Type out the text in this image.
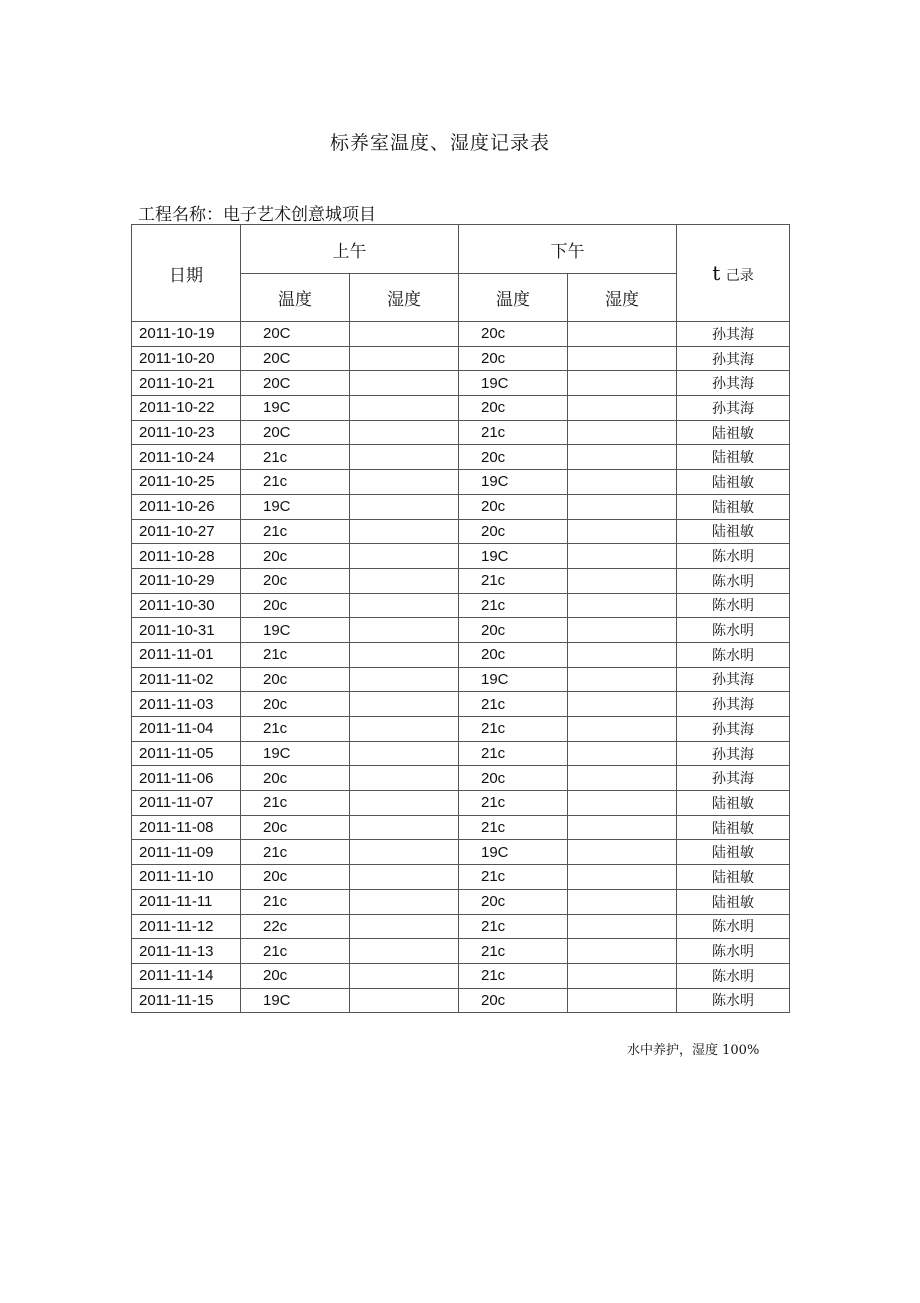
标养室温度、湿度记录表
工程名称：电子艺术创意城项目
日期	上午		下午		t 己录
	温度	湿度	温度	湿度	
2011-10-19	20C		20c		孙其海
2011-10-20	20C		20c		孙其海
2011-10-21	20C		19C		孙其海
2011-10-22	19C		20c		孙其海
2011-10-23	20C		21c		陆祖敏
2011-10-24	21c		20c		陆祖敏
2011-10-25	21c		19C		陆祖敏
2011-10-26	19C		20c		陆祖敏
2011-10-27	21c		20c		陆祖敏
2011-10-28	20c		19C		陈水明
2011-10-29	20c		21c		陈水明
2011-10-30	20c		21c		陈水明
2011-10-31	19C		20c		陈水明
2011-11-01	21c		20c		陈水明
2011-11-02	20c		19C		孙其海
2011-11-03	20c		21c		孙其海
2011-11-04	21c		21c		孙其海
2011-11-05	19C		21c		孙其海
2011-11-06	20c		20c		孙其海
2011-11-07	21c		21c		陆祖敏
2011-11-08	20c		21c		陆祖敏
2011-11-09	21c		19C		陆祖敏
2011-11-10	20c		21c		陆祖敏
2011-11-11	21c		20c		陆祖敏
2011-11-12	22c		21c		陈水明
2011-11-13	21c		21c		陈水明
2011-11-14	20c		21c		陈水明
2011-11-15	19C		20c		陈水明
水中养护，湿度 100%
